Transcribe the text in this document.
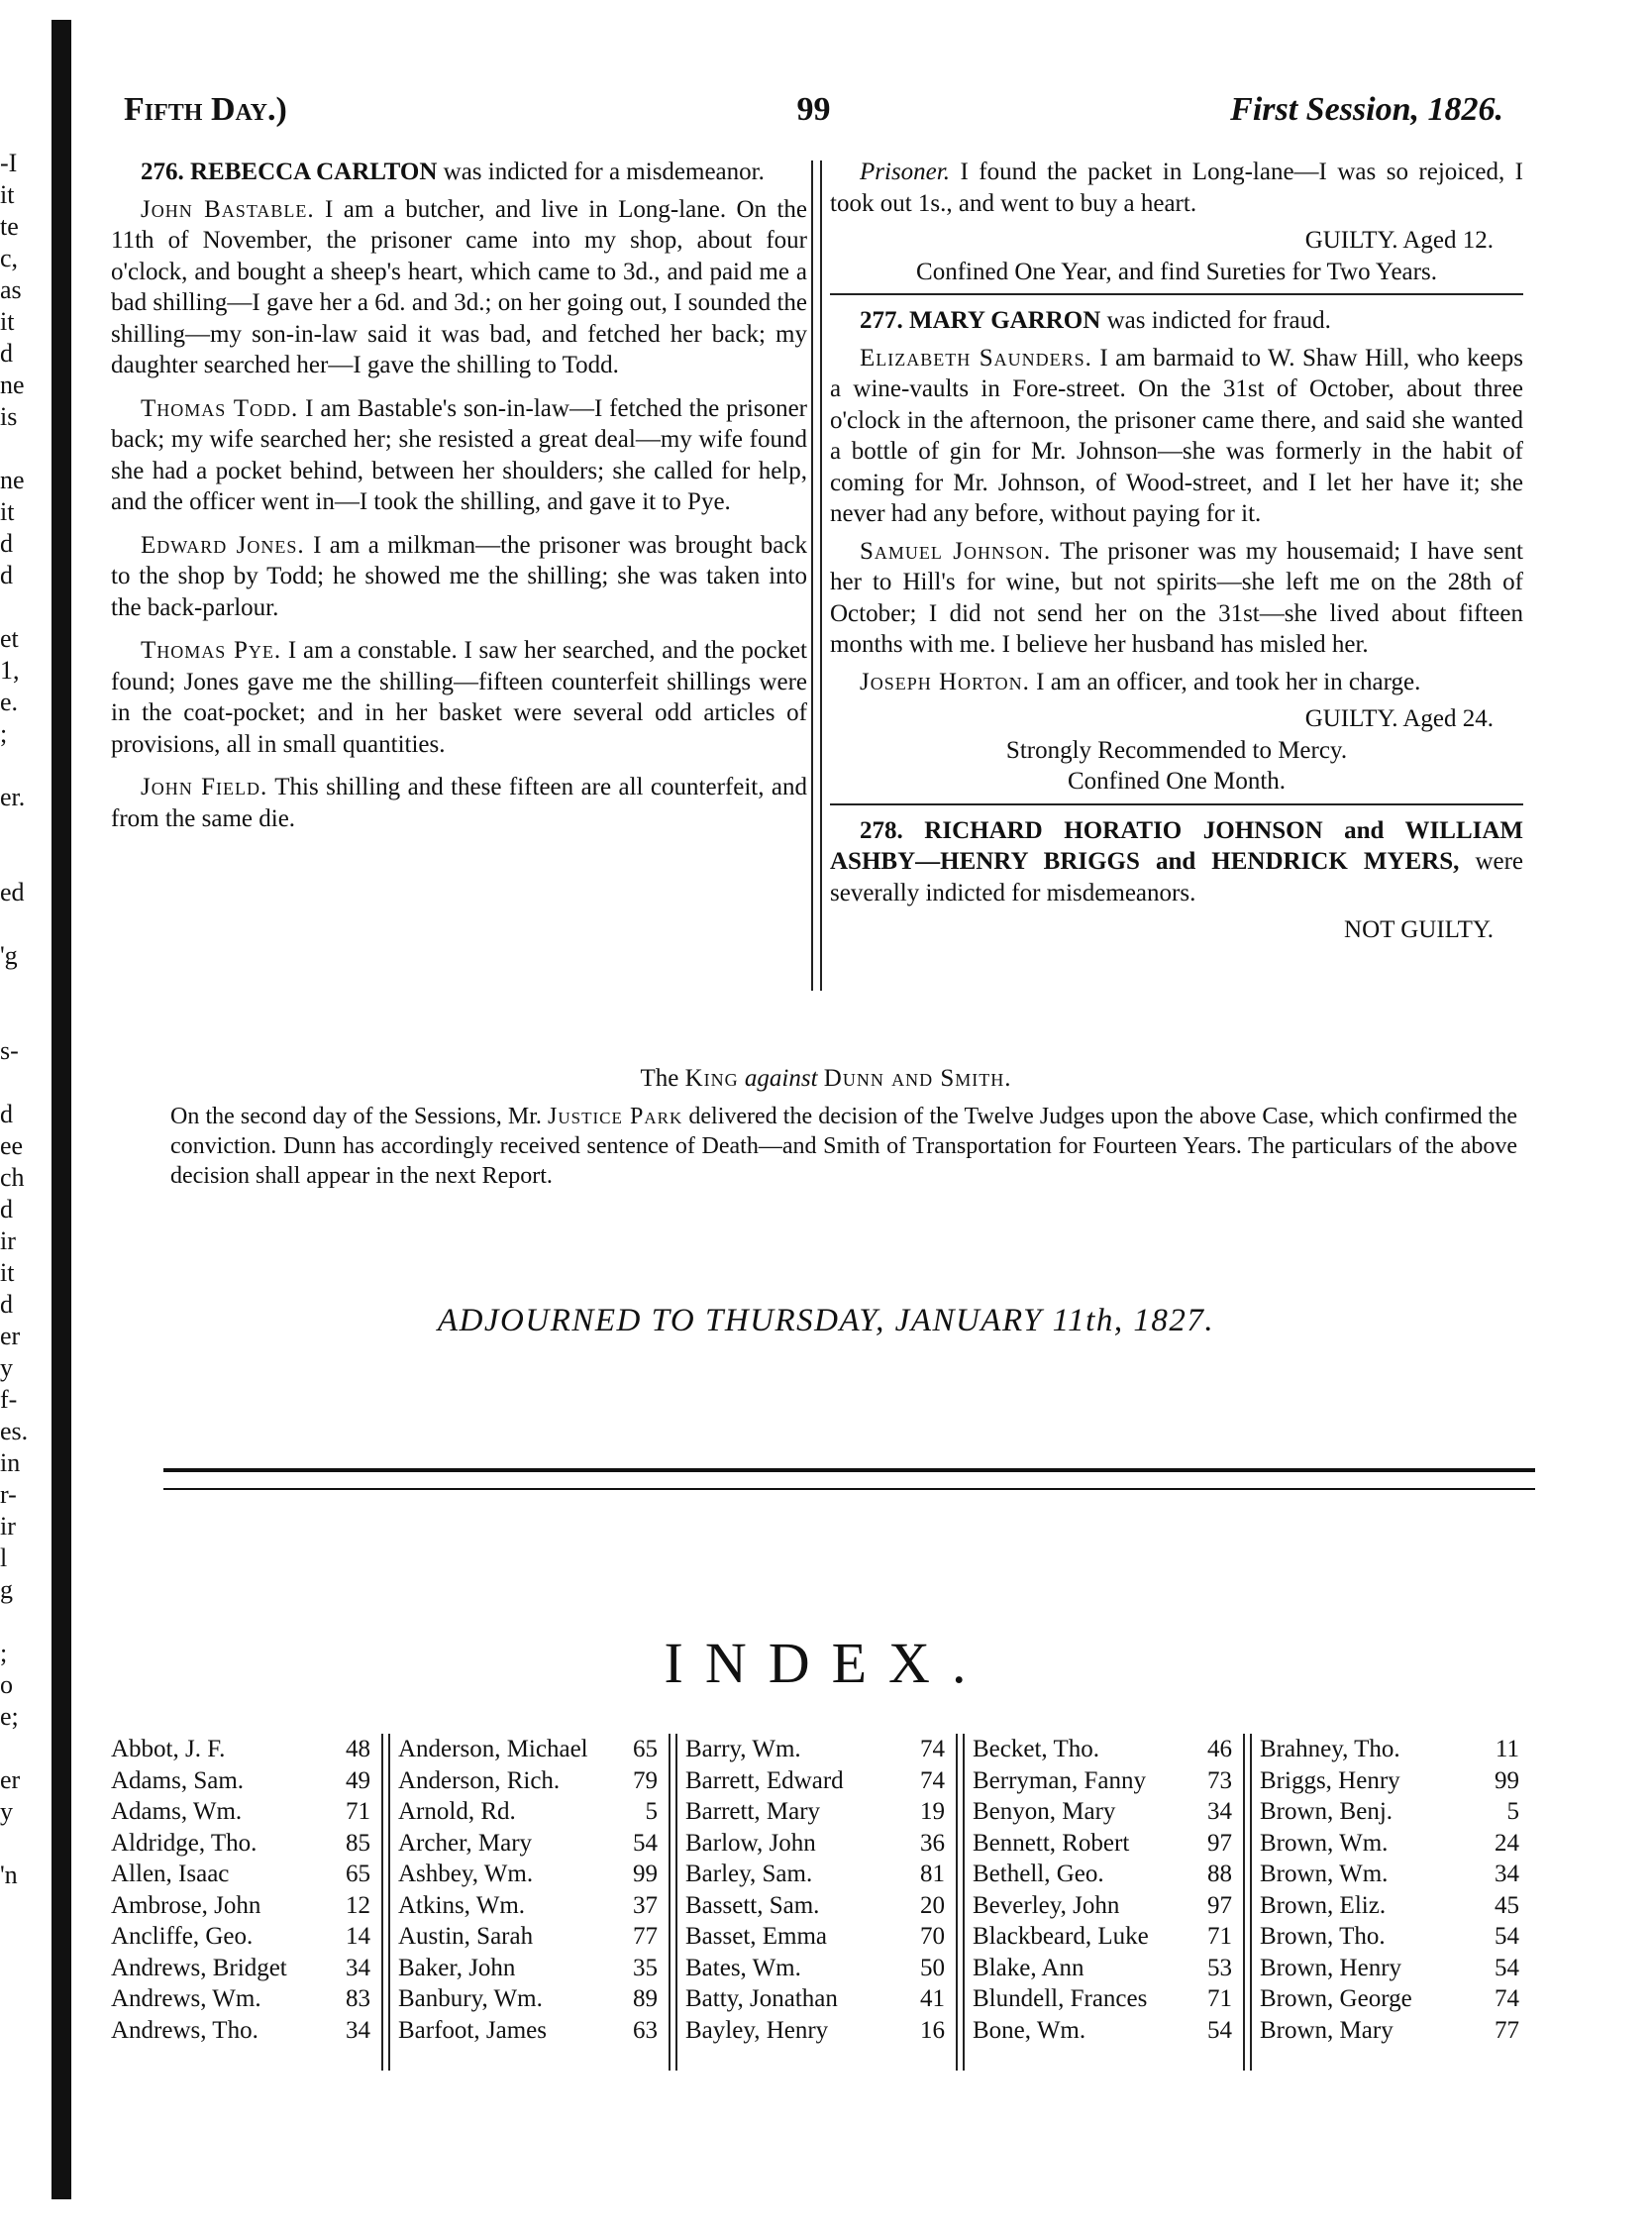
-I
it
te
c,
as
it
d
ne
is
ne
it
d
d
et
1,
e.
;
er.
ed
'g
s-
d
ee
ch
d
ir
it
d
er
y
f-
es.
in
r-
ir
l
g
;
o
e;
er
y
'n
Fifth Day.)	99	First Session, 1826.

276. REBECCA CARLTON was indicted for a misdemeanor.

John Bastable. I am a butcher, and live in Long-lane. On the 11th of November, the prisoner came into my shop, about four o'clock, and bought a sheep's heart, which came to 3d., and paid me a bad shilling—I gave her a 6d. and 3d.; on her going out, I sounded the shilling—my son-in-law said it was bad, and fetched her back; my daughter searched her—I gave the shilling to Todd.

Thomas Todd. I am Bastable's son-in-law—I fetched the prisoner back; my wife searched her; she resisted a great deal—my wife found she had a pocket behind, between her shoulders; she called for help, and the officer went in—I took the shilling, and gave it to Pye.

Edward Jones. I am a milkman—the prisoner was brought back to the shop by Todd; he showed me the shilling; she was taken into the back-parlour.

Thomas Pye. I am a constable. I saw her searched, and the pocket found; Jones gave me the shilling—fifteen counterfeit shillings were in the coat-pocket; and in her basket were several odd articles of provisions, all in small quantities.

John Field. This shilling and these fifteen are all counterfeit, and from the same die.

Prisoner. I found the packet in Long-lane—I was so rejoiced, I took out 1s., and went to buy a heart.

GUILTY. Aged 12.
Confined One Year, and find Sureties for Two Years.

277. MARY GARRON was indicted for fraud.

Elizabeth Saunders. I am barmaid to W. Shaw Hill, who keeps a wine-vaults in Fore-street. On the 31st of October, about three o'clock in the afternoon, the prisoner came there, and said she wanted a bottle of gin for Mr. Johnson—she was formerly in the habit of coming for Mr. Johnson, of Wood-street, and I let her have it; she never had any before, without paying for it.

Samuel Johnson. The prisoner was my housemaid; I have sent her to Hill's for wine, but not spirits—she left me on the 28th of October; I did not send her on the 31st—she lived about fifteen months with me. I believe her husband has misled her.

Joseph Horton. I am an officer, and took her in charge.

GUILTY. Aged 24.
Strongly Recommended to Mercy.
Confined One Month.

278. RICHARD HORATIO JOHNSON and WILLIAM ASHBY—HENRY BRIGGS and HENDRICK MYERS, were severally indicted for misdemeanors.

NOT GUILTY.
The King against Dunn and Smith.

On the second day of the Sessions, Mr. Justice Park delivered the decision of the Twelve Judges upon the above Case, which confirmed the conviction. Dunn has accordingly received sentence of Death—and Smith of Transportation for Fourteen Years. The particulars of the above decision shall appear in the next Report.

ADJOURNED TO THURSDAY, JANUARY 11th, 1827.
INDEX.
Abbot, J. F.	48
Adams, Sam.	49
Adams, Wm.	71
Aldridge, Tho.	85
Allen, Isaac	65
Ambrose, John	12
Ancliffe, Geo.	14
Andrews, Bridget 34
Andrews, Wm.	83
Andrews, Tho.	34
Anderson, Michael 65
Anderson, Rich.	79
Arnold, Rd.	5
Archer, Mary	54
Ashbey, Wm.	99
Atkins, Wm.	37
Austin, Sarah	77
Baker, John	35
Banbury, Wm.	89
Barfoot, James	63
Barry, Wm.	74
Barrett, Edward	74
Barrett, Mary	19
Barlow, John	36
Barley, Sam.	81
Bassett, Sam.	20
Basset, Emma	70
Bates, Wm.	50
Batty, Jonathan	41
Bayley, Henry	16
Becket, Tho.	46
Berryman, Fanny 73
Benyon, Mary	34
Bennett, Robert	97
Bethell, Geo.	88
Beverley, John	97
Blackbeard, Luke 71
Blake, Ann	53
Blundell, Frances 71
Bone, Wm.	54
Brahney, Tho.	11
Briggs, Henry	99
Brown, Benj.	5
Brown, Wm.	24
Brown, Wm.	34
Brown, Eliz.	45
Brown, Tho.	54
Brown, Henry	54
Brown, George	74
Brown, Mary	77
